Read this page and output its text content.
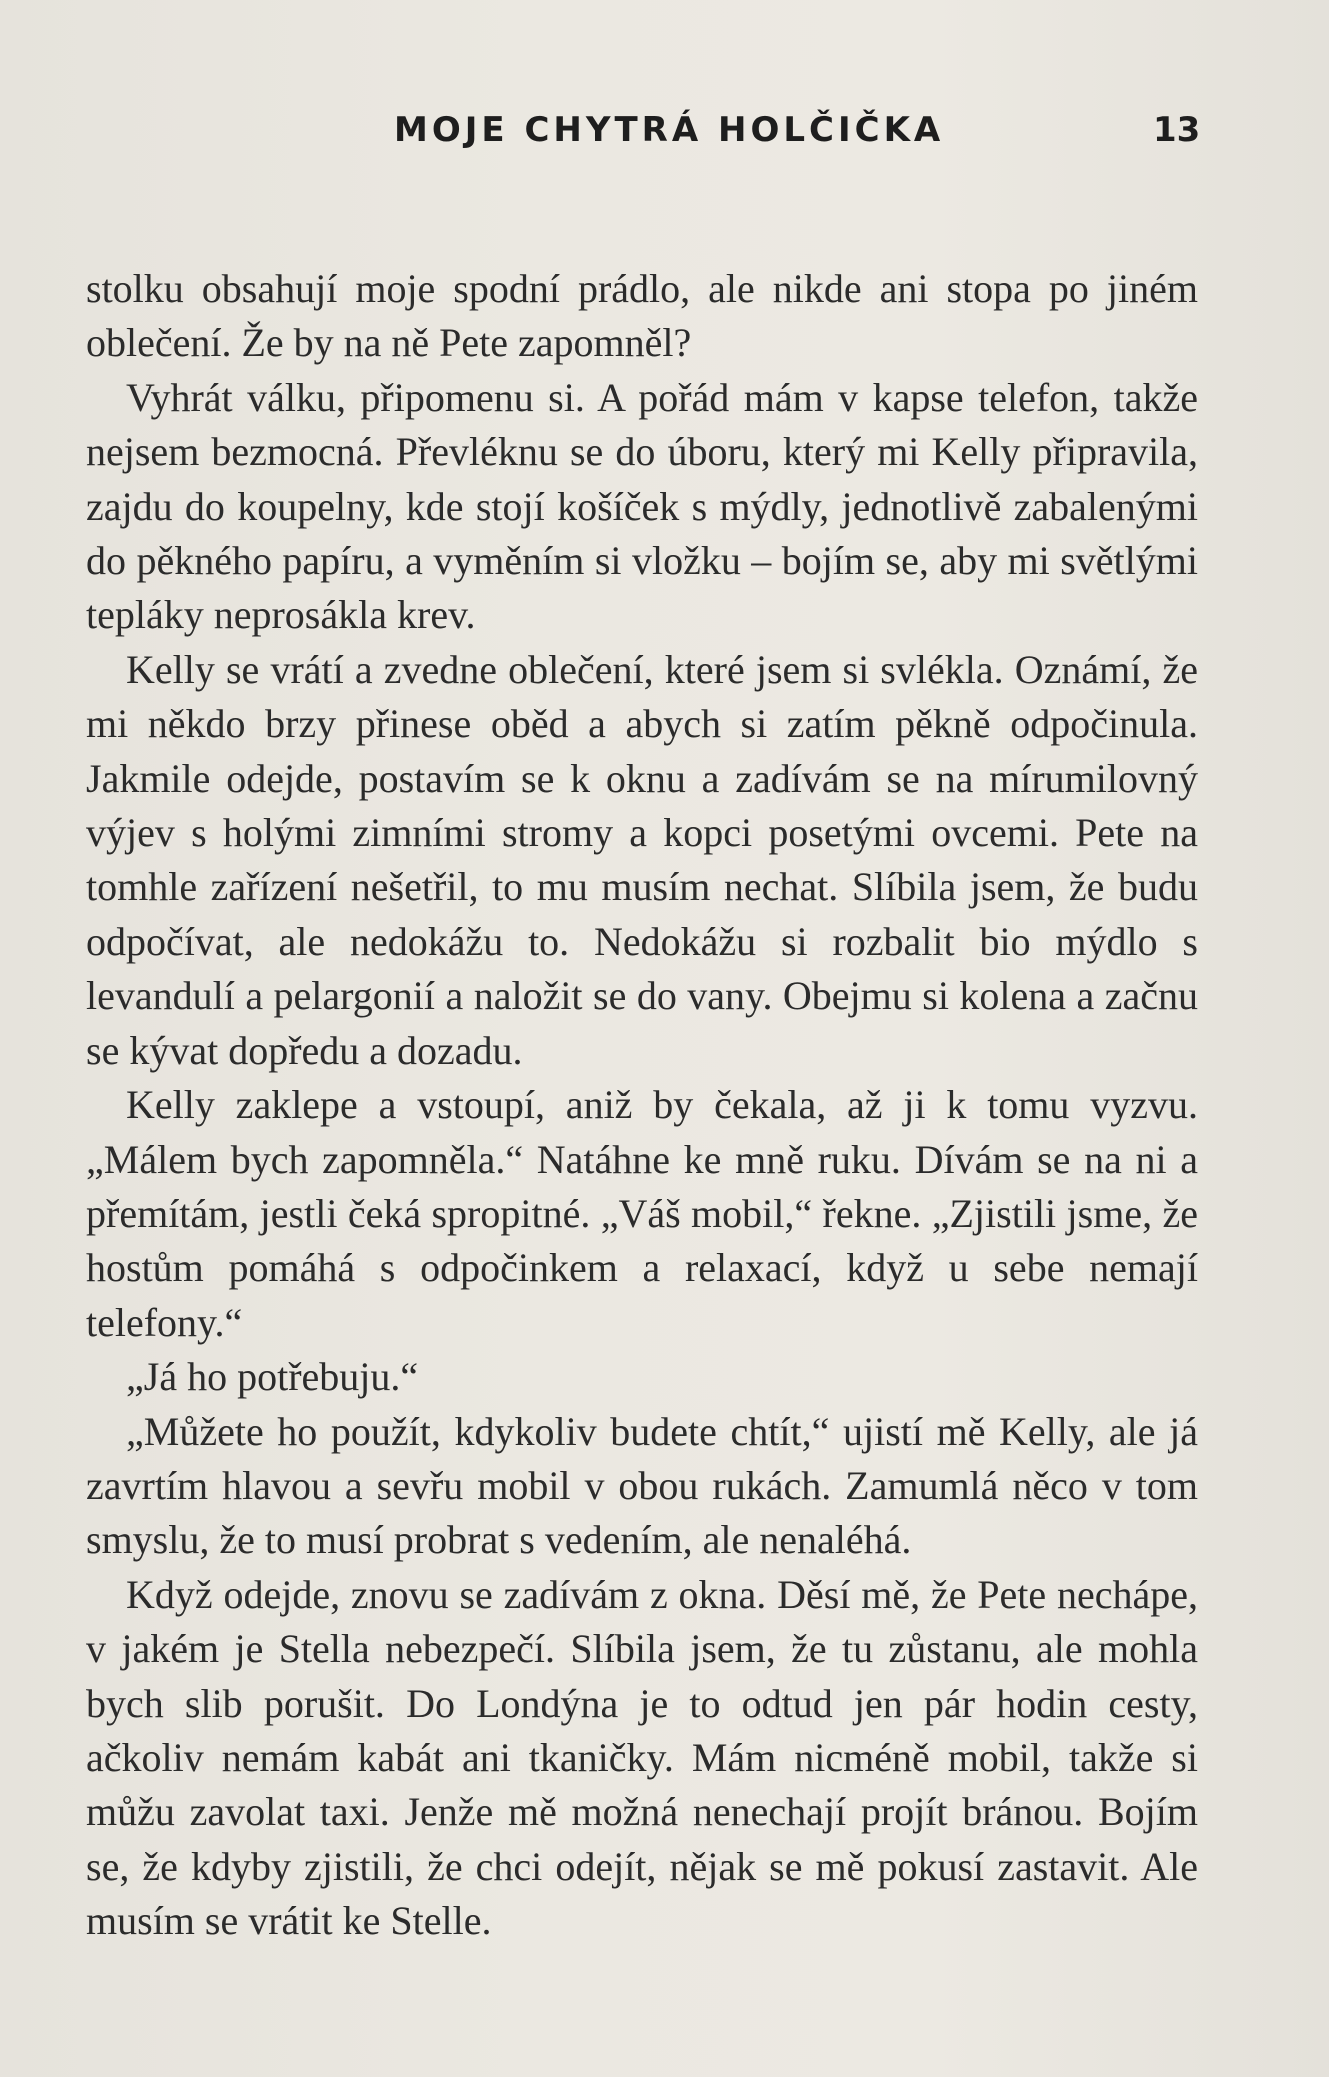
MOJE CHYTRÁ HOLČIČKA	13

stolku obsahují moje spodní prádlo, ale nikde ani stopa po jiném oblečení. Že by na ně Pete zapomněl?

Vyhrát válku, připomenu si. A pořád mám v kapse telefon, takže nejsem bezmocná. Převléknu se do úboru, který mi Kelly připravila, zajdu do koupelny, kde stojí košíček s mýdly, jednotlivě zabalenými do pěkného papíru, a vyměním si vložku – bojím se, aby mi světlými tepláky neprosákla krev.

Kelly se vrátí a zvedne oblečení, které jsem si svlékla. Oznámí, že mi někdo brzy přinese oběd a abych si zatím pěkně odpočinula. Jakmile odejde, postavím se k oknu a zadívám se na mírumilovný výjev s holými zimními stromy a kopci posetými ovcemi. Pete na tomhle zařízení nešetřil, to mu musím nechat. Slíbila jsem, že budu odpočívat, ale nedokážu to. Nedokážu si rozbalit bio mýdlo s levandulí a pelargonií a naložit se do vany. Obejmu si kolena a začnu se kývat dopředu a dozadu.

Kelly zaklepe a vstoupí, aniž by čekala, až ji k tomu vyzvu. „Málem bych zapomněla.“ Natáhne ke mně ruku. Dívám se na ni a přemítám, jestli čeká spropitné. „Váš mobil,“ řekne. „Zjistili jsme, že hostům pomáhá s odpočinkem a relaxací, když u sebe nemají telefony.“

„Já ho potřebuju.“

„Můžete ho použít, kdykoliv budete chtít,“ ujistí mě Kelly, ale já zavrtím hlavou a sevřu mobil v obou rukách. Zamumlá něco v tom smyslu, že to musí probrat s vedením, ale nenaléhá.

Když odejde, znovu se zadívám z okna. Děsí mě, že Pete nechápe, v jakém je Stella nebezpečí. Slíbila jsem, že tu zůstanu, ale mohla bych slib porušit. Do Londýna je to odtud jen pár hodin cesty, ačkoliv nemám kabát ani tkaničky. Mám nicméně mobil, takže si můžu zavolat taxi. Jenže mě možná nenechají projít bránou. Bojím se, že kdyby zjistili, že chci odejít, nějak se mě pokusí zastavit. Ale musím se vrátit ke Stelle.
